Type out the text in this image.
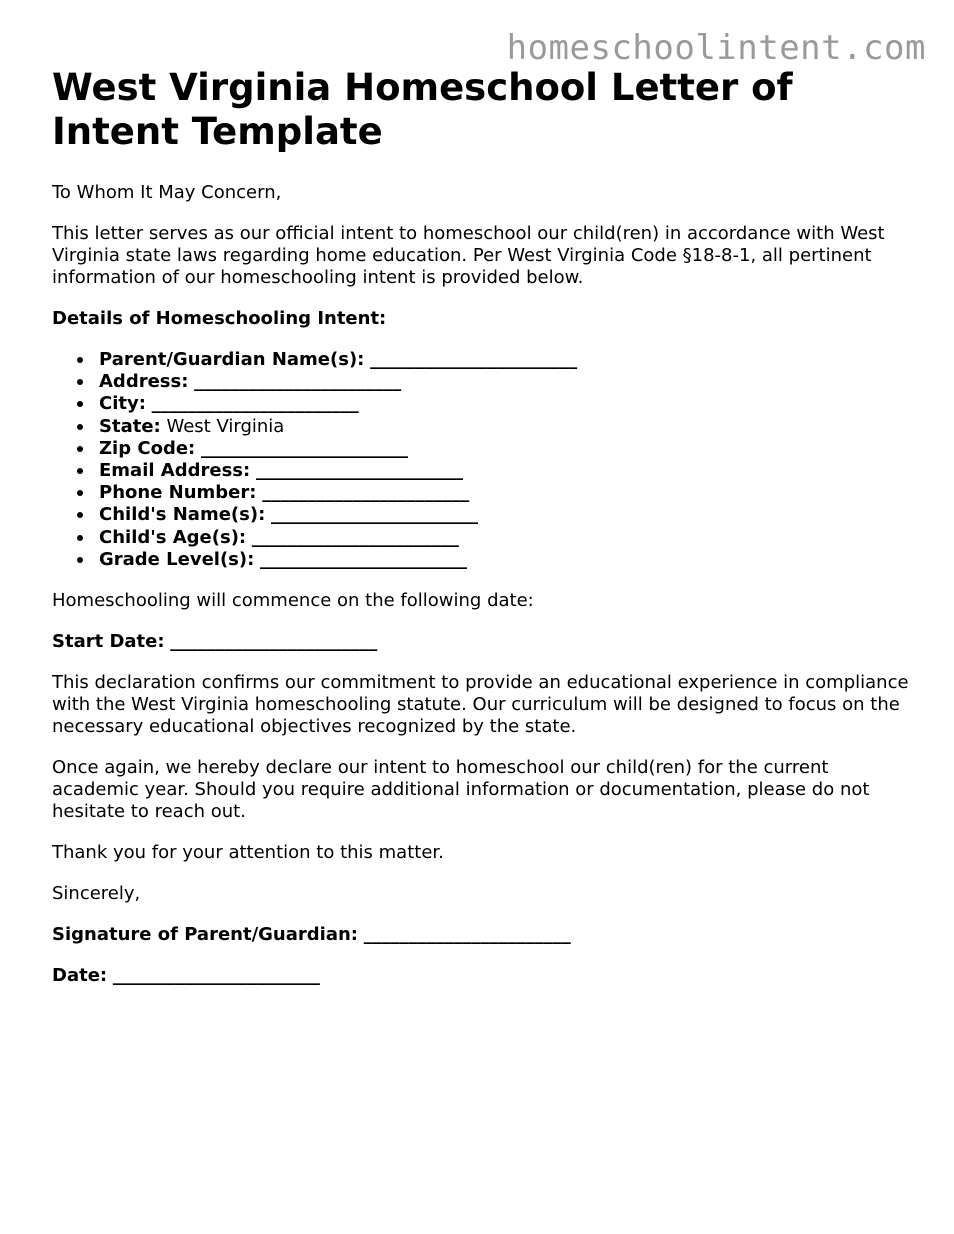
homeschoolintent.com
West Virginia Homeschool Letter of Intent Template

To Whom It May Concern,

This letter serves as our official intent to homeschool our child(ren) in accordance with West Virginia state laws regarding home education. Per West Virginia Code §18-8-1, all pertinent information of our homeschooling intent is provided below.

Details of Homeschooling Intent:

Parent/Guardian Name(s): _______________________
Address: _______________________
City: _______________________
State: West Virginia
Zip Code: _______________________
Email Address: _______________________
Phone Number: _______________________
Child's Name(s): _______________________
Child's Age(s): _______________________
Grade Level(s): _______________________

Homeschooling will commence on the following date:

Start Date: _______________________

This declaration confirms our commitment to provide an educational experience in compliance with the West Virginia homeschooling statute. Our curriculum will be designed to focus on the necessary educational objectives recognized by the state.

Once again, we hereby declare our intent to homeschool our child(ren) for the current academic year. Should you require additional information or documentation, please do not hesitate to reach out.

Thank you for your attention to this matter.

Sincerely,

Signature of Parent/Guardian: _______________________

Date: _______________________
